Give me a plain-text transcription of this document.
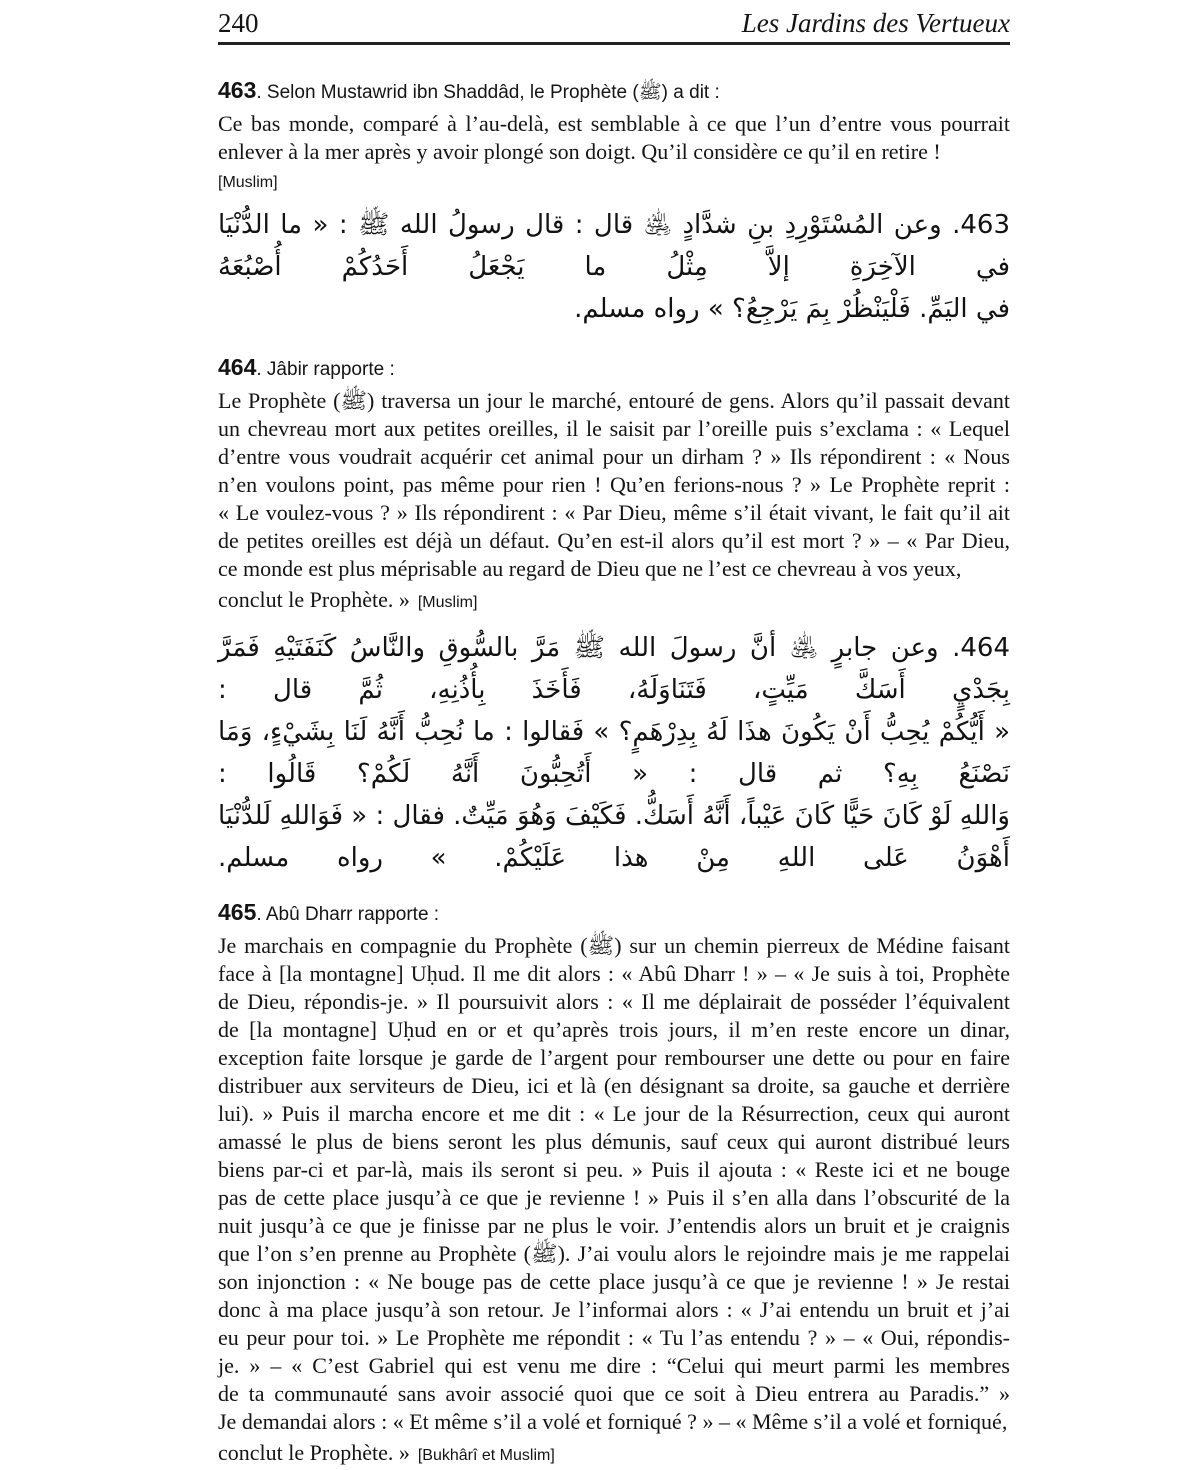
240	Les Jardins des Vertueux
463. Selon Mustawrid ibn Shaddâd, le Prophète (ﷺ) a dit :
Ce bas monde, comparé à l’au-delà, est semblable à ce que l’un d’entre vous pourrait
enlever à la mer après y avoir plongé son doigt. Qu’il considère ce qu’il en retire !
[Muslim]
463. وعن المُسْتَوْرِدِ بنِ شدَّادٍ ﵁ قال : قال رسولُ الله ﷺ : « ما الدُّنْيَا في الآخِرَةِ إلاَّ مِثْلُ ما يَجْعَلُ أَحَدُكُمْ أُصْبُعَهُ
في اليَمِّ. فَلْيَنْظُرْ بِمَ يَرْجِعُ؟ » رواه مسلم.
464. Jâbir rapporte :
Le Prophète (ﷺ) traversa un jour le marché, entouré de gens. Alors qu’il passait devant
un chevreau mort aux petites oreilles, il le saisit par l’oreille puis s’exclama : « Lequel
d’entre vous voudrait acquérir cet animal pour un dirham ? » Ils répondirent : « Nous
n’en voulons point, pas même pour rien ! Qu’en ferions-nous ? » Le Prophète reprit :
« Le voulez-vous ? » Ils répondirent : « Par Dieu, même s’il était vivant, le fait qu’il ait
de petites oreilles est déjà un défaut. Qu’en est-il alors qu’il est mort ? » – « Par Dieu,
ce monde est plus méprisable au regard de Dieu que ne l’est ce chevreau à vos yeux,
conclut le Prophète. » [Muslim]
464. وعن جابرٍ ﵁ أنَّ رسولَ الله ﷺ مَرَّ بالسُّوقِ والنَّاسُ كَنَفَتَيْهِ فَمَرَّ بِجَدْيٍ أَسَكَّ مَيِّتٍ، فَتَنَاوَلَهُ، فَأَخَذَ بِأُذُنِهِ، ثُمَّ قال :
« أَيُّكُمْ يُحِبُّ أَنْ يَكُونَ هذَا لَهُ بِدِرْهَمٍ؟ » فَقالوا : ما نُحِبُّ أَنَّهُ لَنَا بِشَيْءٍ، وَمَا نَصْنَعُ بِهِ؟ ثم قال : « أَتُحِبُّونَ أَنَّهُ لَكُمْ؟ قَالُوا :
وَاللهِ لَوْ كَانَ حَيًّا كَانَ عَيْباً، أَنَّهُ أَسَكُّ. فَكَيْفَ وَهُوَ مَيِّتٌ. فقال : « فَوَاللهِ لَلدُّنْيَا أَهْوَنُ عَلى اللهِ مِنْ هذا عَلَيْكُمْ. » رواه مسلم.
465. Abû Dharr rapporte :
Je marchais en compagnie du Prophète (ﷺ) sur un chemin pierreux de Médine faisant
face à [la montagne] Uḥud. Il me dit alors : « Abû Dharr ! » – « Je suis à toi, Prophète
de Dieu, répondis-je. » Il poursuivit alors : « Il me déplairait de posséder l’équivalent
de [la montagne] Uḥud en or et qu’après trois jours, il m’en reste encore un dinar,
exception faite lorsque je garde de l’argent pour rembourser une dette ou pour en faire
distribuer aux serviteurs de Dieu, ici et là (en désignant sa droite, sa gauche et derrière
lui). » Puis il marcha encore et me dit : « Le jour de la Résurrection, ceux qui auront
amassé le plus de biens seront les plus démunis, sauf ceux qui auront distribué leurs
biens par-ci et par-là, mais ils seront si peu. » Puis il ajouta : « Reste ici et ne bouge
pas de cette place jusqu’à ce que je revienne ! » Puis il s’en alla dans l’obscurité de la
nuit jusqu’à ce que je finisse par ne plus le voir. J’entendis alors un bruit et je craignis
que l’on s’en prenne au Prophète (ﷺ). J’ai voulu alors le rejoindre mais je me rappelai
son injonction : « Ne bouge pas de cette place jusqu’à ce que je revienne ! » Je restai
donc à ma place jusqu’à son retour. Je l’informai alors : « J’ai entendu un bruit et j’ai
eu peur pour toi. » Le Prophète me répondit : « Tu l’as entendu ? » – « Oui, répondis-
je. » – « C’est Gabriel qui est venu me dire : “Celui qui meurt parmi les membres
de ta communauté sans avoir associé quoi que ce soit à Dieu entrera au Paradis.” »
Je demandai alors : « Et même s’il a volé et forniqué ? » – « Même s’il a volé et forniqué,
conclut le Prophète. » [Bukhârî et Muslim]
